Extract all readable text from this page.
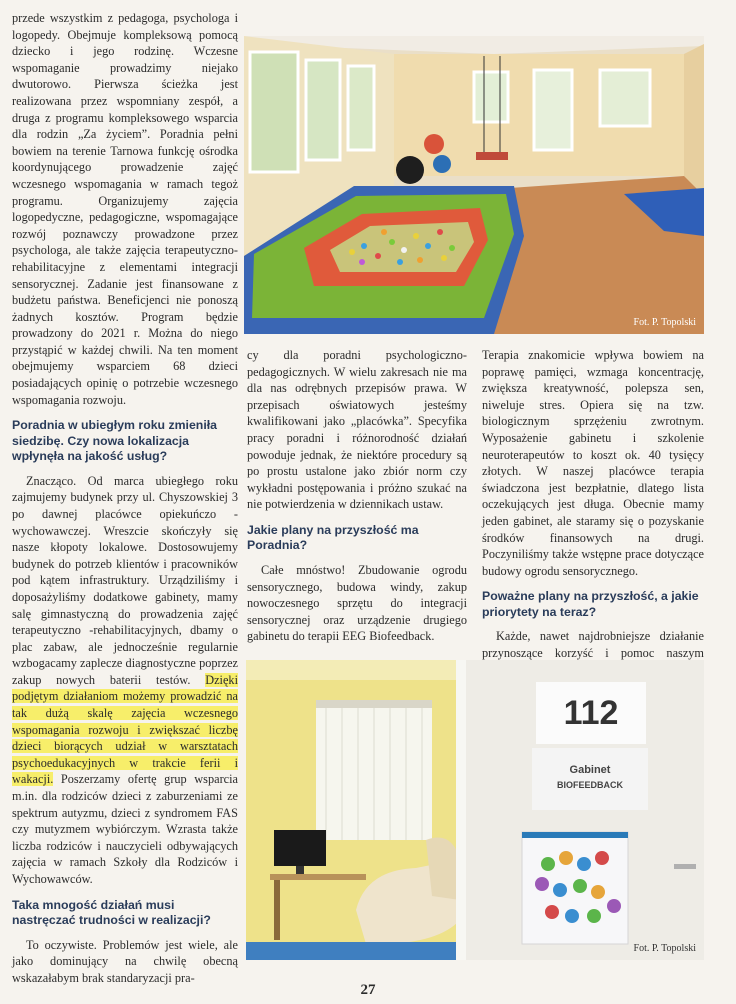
przede wszystkim z pedagoga, psychologa i logopedy. Obejmuje kompleksową pomocą dziecko i jego rodzinę. Wczesne wspomaganie prowadzimy niejako dwutorowo. Pierwsza ścieżka jest realizowana przez wspomniany zespół, a druga z programu kompleksowego wsparcia dla rodzin „Za życiem”. Poradnia pełni bowiem na terenie Tarnowa funkcję ośrodka koordynującego prowadzenie zajęć wczesnego wspomagania w ramach tegoż programu. Organizujemy zajęcia logopedyczne, pedagogiczne, wspomagające rozwój poznawczy prowadzone przez psychologa, ale także zajęcia terapeutyczno-rehabilitacyjne z elementami integracji sensorycznej. Zadanie jest finansowane z budżetu państwa. Beneficjenci nie ponoszą żadnych kosztów. Program będzie prowadzony do 2021 r. Można do niego przystąpić w każdej chwili. Na ten moment obejmujemy wsparciem 68 dzieci posiadających opinię o potrzebie wczesnego wspomagania rozwoju.

Poradnia w ubiegłym roku zmieniła siedzibę. Czy nowa lokalizacja wpłynęła na jakość usług?

Znacząco. Od marca ubiegłego roku zajmujemy budynek przy ul. Chyszowskiej 3 po dawnej placówce opiekuńczo -wychowawczej. Wreszcie skończyły się nasze kłopoty lokalowe. Dostosowujemy budynek do potrzeb klientów i pracowników pod kątem infrastruktury. Urządziliśmy i doposażyliśmy dodatkowe gabinety, mamy salę gimnastyczną do prowadzenia zajęć terapeutyczno -rehabilitacyjnych, dbamy o plac zabaw, ale jednocześnie regularnie wzbogacamy zaplecze diagnostyczne poprzez zakup nowych baterii testów. Dzięki podjętym działaniom możemy prowadzić na tak dużą skalę zajęcia wczesnego wspomagania rozwoju i zwiększać liczbę dzieci biorących udział w warsztatach psychoedukacyjnych w trakcie ferii i wakacji. Poszerzamy ofertę grup wsparcia m.in. dla rodziców dzieci z zaburzeniami ze spektrum autyzmu, dzieci z syndromem FAS czy mutyzmem wybiórczym. Wzrasta także liczba rodziców i nauczycieli odbywających zajęcia w ramach Szkoły dla Rodziców i Wychowawców.

Taka mnogość działań musi nastręczać trudności w realizacji?

To oczywiste. Problemów jest wiele, ale jako dominujący na chwilę obecną wskazałabym brak standaryzacji pra-

Fot. P. Topolski

cy dla poradni psychologiczno-pedagogicznych. W wielu zakresach nie ma dla nas odrębnych przepisów prawa. W przepisach oświatowych jesteśmy kwalifikowani jako „placówka”. Specyfika pracy poradni i różnorodność działań powoduje jednak, że niektóre procedury są po prostu ustalone jako zbiór norm czy wykładni postępowania i próżno szukać na nie potwierdzenia w dziennikach ustaw.

Jakie plany na przyszłość ma Poradnia?

Całe mnóstwo! Zbudowanie ogrodu sensorycznego, budowa windy, zakup nowoczesnego sprzętu do integracji sensorycznej oraz urządzenie drugiego gabinetu do terapii EEG Biofeedback.

Terapia znakomicie wpływa bowiem na poprawę pamięci, wzmaga koncentrację, zwiększa kreatywność, polepsza sen, niweluje stres. Opiera się na tzw. biologicznym sprzężeniu zwrotnym. Wyposażenie gabinetu i szkolenie neuroterapeutów to koszt ok. 40 tysięcy złotych. W naszej placówce terapia świadczona jest bezpłatnie, dlatego lista oczekujących jest długa. Obecnie mamy jeden gabinet, ale staramy się o pozyskanie środków finansowych na drugi. Poczyniliśmy także wstępne prace dotyczące budowy ogrodu sensorycznego.

Poważne plany na przyszłość, a jakie priorytety na teraz?

Każde, nawet najdrobniejsze działanie przynoszące korzyść i pomoc naszym

112
Gabinet
BIOFEEDBACK
Fot. P. Topolski
27
